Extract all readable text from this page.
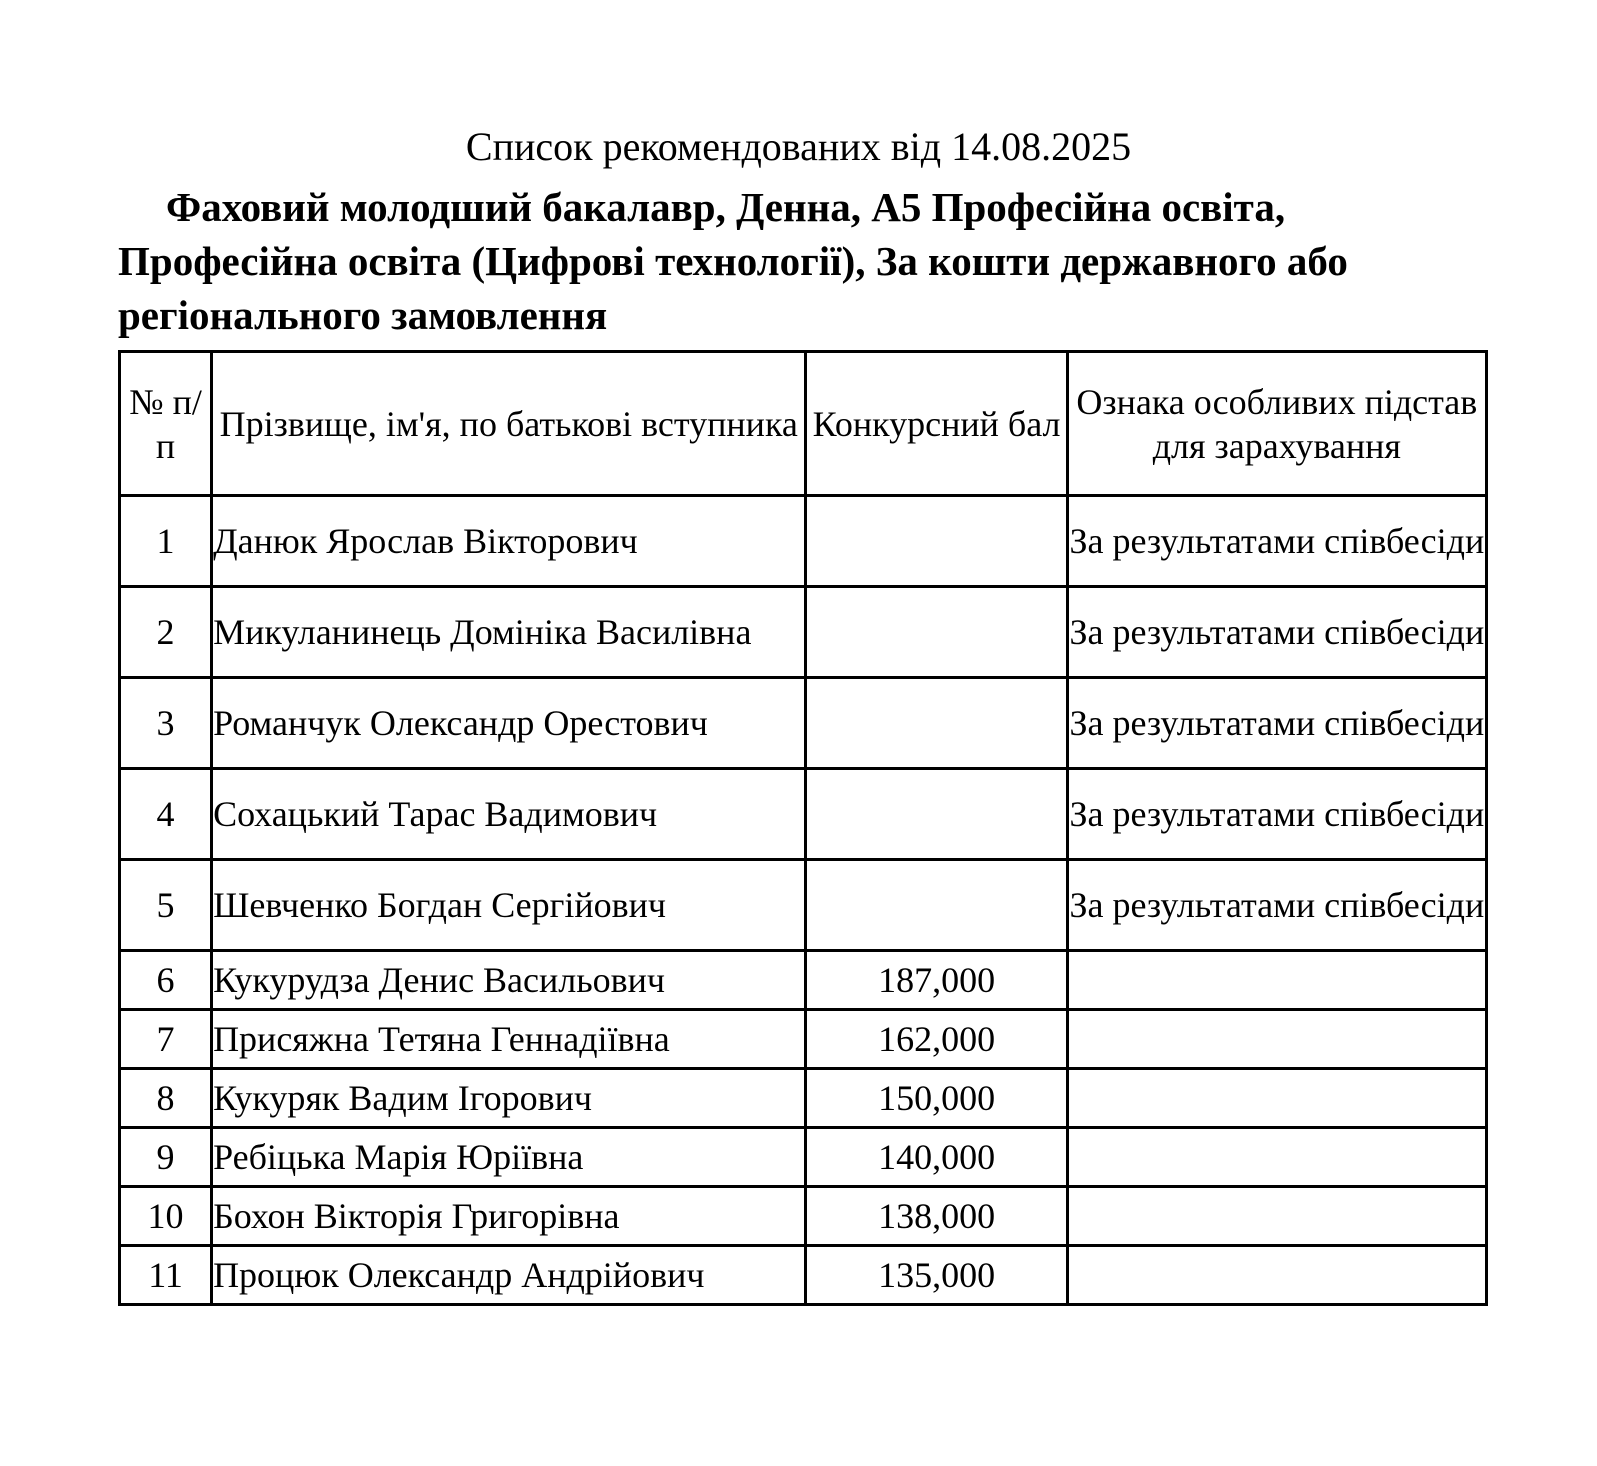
Список рекомендованих від 14.08.2025
Фаховий молодший бакалавр, Денна, A5 Професійна освіта, Професійна освіта (Цифрові технології), За кошти державного або регіонального замовлення
№ п/п	Прізвище, ім'я, по батькові вступника	Конкурсний бал	Ознака особливих підстав для зарахування
1	Данюк Ярослав Вікторович		За результатами співбесіди
2	Микуланинець Домініка Василівна		За результатами співбесіди
3	Романчук Олександр Орестович		За результатами співбесіди
4	Сохацький Тарас Вадимович		За результатами співбесіди
5	Шевченко Богдан Сергійович		За результатами співбесіди
6	Кукурудза Денис Васильович	187,000	
7	Присяжна Тетяна Геннадіївна	162,000	
8	Кукуряк Вадим Ігорович	150,000	
9	Ребіцька Марія Юріївна	140,000	
10	Бохон Вікторія Григорівна	138,000	
11	Процюк Олександр Андрійович	135,000	
